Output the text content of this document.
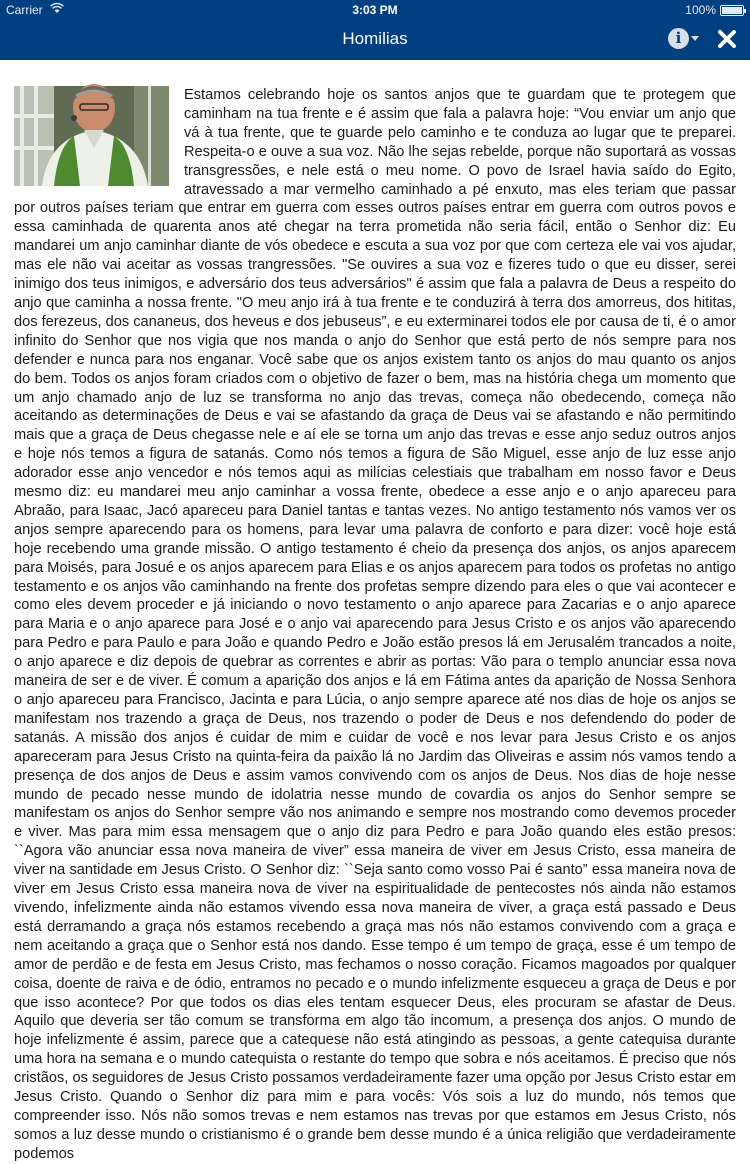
Carrier	3:03 PM	100%
Homilias	i
Estamos celebrando hoje os santos anjos que te guardam que te protegem que caminham na tua frente e é assim que fala a palavra hoje: “Vou enviar um anjo que vá à tua frente, que te guarde pelo caminho e te conduza ao lugar que te preparei. Respeita-o e ouve a sua voz. Não lhe sejas rebelde, porque não suportará as vossas transgressões, e nele está o meu nome. O povo de Israel havia saído do Egito, atravessado a mar vermelho caminhado a pé enxuto, mas eles teriam que passar por outros países teriam que entrar em guerra com esses outros países entrar em guerra com outros povos e essa caminhada de quarenta anos até chegar na terra prometida não seria fácil, então o Senhor diz: Eu mandarei um anjo caminhar diante de vós obedece e escuta a sua voz por que com certeza ele vai vos ajudar, mas ele não vai aceitar as vossas trangressões. "Se ouvires a sua voz e fizeres tudo o que eu disser, serei inimigo dos teus inimigos, e adversário dos teus adversários" é assim que fala a palavra de Deus a respeito do anjo que caminha a nossa frente. "O meu anjo irá à tua frente e te conduzirá à terra dos amorreus, dos hititas, dos ferezeus, dos cananeus, dos heveus e dos jebuseus”, e eu exterminarei todos ele por causa de ti, é o amor infinito do Senhor que nos vigia que nos manda o anjo do Senhor que está perto de nós sempre para nos defender e nunca para nos enganar. Você sabe que os anjos existem tanto os anjos do mau quanto os anjos do bem. Todos os anjos foram criados com o objetivo de fazer o bem, mas na história chega um momento que um anjo chamado anjo de luz se transforma no anjo das trevas, começa não obedecendo, começa não aceitando as determinações de Deus e vai se afastando da graça de Deus vai se afastando e não permitindo mais que a graça de Deus chegasse nele e aí ele se torna um anjo das trevas e esse anjo seduz outros anjos e hoje nós temos a figura de satanás. Como nós temos a figura de São Miguel, esse anjo de luz esse anjo adorador esse anjo vencedor e nós temos aqui as milícias celestiais que trabalham em nosso favor e Deus mesmo diz: eu mandarei meu anjo caminhar a vossa frente, obedece a esse anjo e o anjo apareceu para Abraão, para Isaac, Jacó apareceu para Daniel tantas e tantas vezes. No antigo testamento nós vamos ver os anjos sempre aparecendo para os homens, para levar uma palavra de conforto e para dizer: você hoje está hoje recebendo uma grande missão. O antigo testamento é cheio da presença dos anjos, os anjos aparecem para Moisés, para Josué e os anjos aparecem para Elias e os anjos aparecem para todos os profetas no antigo testamento e os anjos vão caminhando na frente dos profetas sempre dizendo para eles o que vai acontecer e como eles devem proceder e já iniciando o novo testamento o anjo aparece para Zacarias e o anjo aparece para Maria e o anjo aparece para José e o anjo vai aparecendo para Jesus Cristo e os anjos vão aparecendo para Pedro e para Paulo e para João e quando Pedro e João estão presos lá em Jerusalém trancados a noite, o anjo aparece e diz depois de quebrar as correntes e abrir as portas: Vão para o templo anunciar essa nova maneira de ser e de viver. É comum a aparição dos anjos e lá em Fátima antes da aparição de Nossa Senhora o anjo apareceu para Francisco, Jacinta e para Lúcia, o anjo sempre aparece até nos dias de hoje os anjos se manifestam nos trazendo a graça de Deus, nos trazendo o poder de Deus e nos defendendo do poder de satanás. A missão dos anjos é cuidar de mim e cuidar de você e nos levar para Jesus Cristo e os anjos apareceram para Jesus Cristo na quinta-feira da paixão lá no Jardim das Oliveiras e assim nós vamos tendo a presença de dos anjos de Deus e assim vamos convivendo com os anjos de Deus. Nos dias de hoje nesse mundo de pecado nesse mundo de idolatria nesse mundo de covardia os anjos do Senhor sempre se manifestam os anjos do Senhor sempre vão nos animando e sempre nos mostrando como devemos proceder e viver. Mas para mim essa mensagem que o anjo diz para Pedro e para João quando eles estão presos: ``Agora vão anunciar essa nova maneira de viver” essa maneira de viver em Jesus Cristo, essa maneira de viver na santidade em Jesus Cristo. O Senhor diz: ``Seja santo como vosso Pai é santo” essa maneira nova de viver em Jesus Cristo essa maneira nova de viver na espiritualidade de pentecostes nós ainda não estamos vivendo, infelizmente ainda não estamos vivendo essa nova maneira de viver, a graça está passado e Deus está derramando a graça nós estamos recebendo a graça mas nós não estamos convivendo com a graça e nem aceitando a graça que o Senhor está nos dando. Esse tempo é um tempo de graça, esse é um tempo de amor de perdão e de festa em Jesus Cristo, mas fechamos o nosso coração. Ficamos magoados por qualquer coisa, doente de raiva e de ódio, entramos no pecado e o mundo infelizmente esqueceu a graça de Deus e por que isso acontece? Por que todos os dias eles tentam esquecer Deus, eles procuram se afastar de Deus. Aquilo que deveria ser tão comum se transforma em algo tão incomum, a presença dos anjos. O mundo de hoje infelizmente é assim, parece que a catequese não está atingindo as pessoas, a gente catequisa durante uma hora na semana e o mundo catequista o restante do tempo que sobra e nós aceitamos. É preciso que nós cristãos, os seguidores de Jesus Cristo possamos verdadeiramente fazer uma opção por Jesus Cristo estar em Jesus Cristo. Quando o Senhor diz para mim e para vocês: Vós sois a luz do mundo, nós temos que compreender isso. Nós não somos trevas e nem estamos nas trevas por que estamos em Jesus Cristo, nós somos a luz desse mundo o cristianismo é o grande bem desse mundo é a única religião que verdadeiramente podemos
